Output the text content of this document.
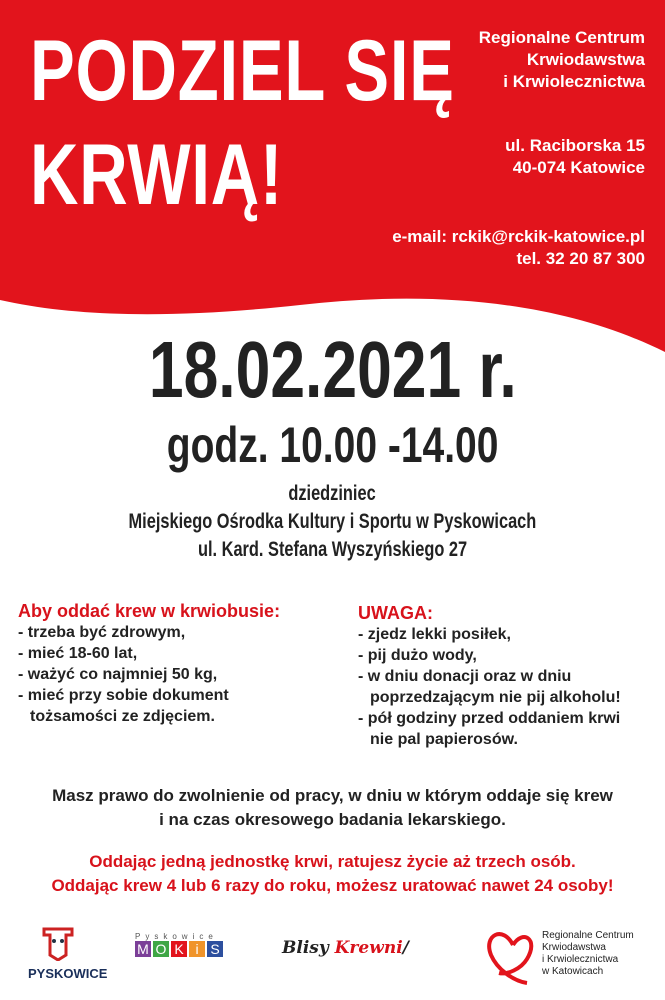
PODZIEL SIĘ
KRWIĄ!
Regionalne Centrum
Krwiodawstwa
i Krwiolecznictwa
ul. Raciborska 15
40-074 Katowice
e-mail: rckik@rckik-katowice.pl
tel. 32 20 87 300
18.02.2021 r.
godz. 10.00 -14.00
dziedziniec
Miejskiego Ośrodka Kultury i Sportu w Pyskowicach
ul. Kard. Stefana Wyszyńskiego 27
Aby oddać krew w krwiobusie:
- trzeba być zdrowym,
- mieć 18-60 lat,
- ważyć co najmniej 50 kg,
- mieć przy sobie dokument
tożsamości ze zdjęciem.
UWAGA:
- zjedz lekki posiłek,
- pij dużo wody,
- w dniu donacji oraz w dniu
poprzedzającym nie pij alkoholu!
- pół godziny przed oddaniem krwi
nie pal papierosów.
Masz prawo do zwolnienie od pracy, w dniu w którym oddaje się krew
i na czas okresowego badania lekarskiego.
Oddając jedną jednostkę krwi, ratujesz życie aż trzech osób.
Oddając krew 4 lub 6 razy do roku, możesz uratować nawet 24 osoby!
PYSKOWICE
Pyskowice
M O K i S	Blisy Krewni/
Regionalne Centrum
Krwiodawstwa
i Krwiolecznictwa
w Katowicach
